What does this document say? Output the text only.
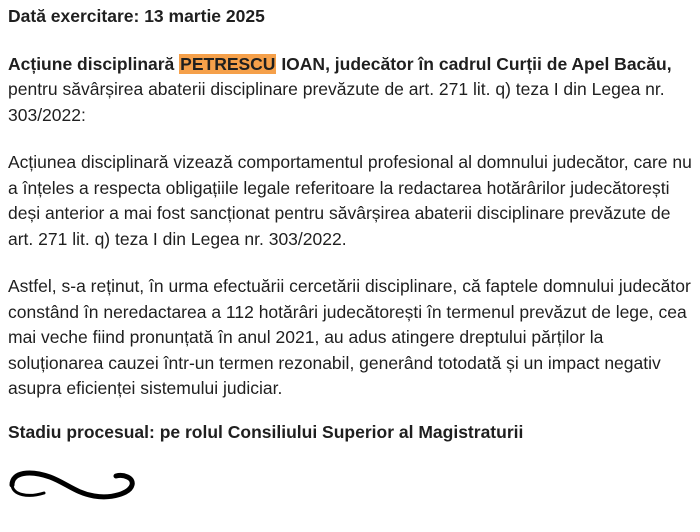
Dată exercitare: 13 martie 2025

Acțiune disciplinară PETRESCU IOAN, judecător în cadrul Curții de Apel Bacău, pentru săvârșirea abaterii disciplinare prevăzute de art. 271 lit. q) teza I din Legea nr. 303/2022:

Acțiunea disciplinară vizează comportamentul profesional al domnului judecător, care nu a înțeles a respecta obligațiile legale referitoare la redactarea hotărârilor judecătorești deși anterior a mai fost sancționat pentru săvârșirea abaterii disciplinare prevăzute de art. 271 lit. q) teza I din Legea nr. 303/2022.

Astfel, s-a reținut, în urma efectuării cercetării disciplinare, că faptele domnului judecător constând în neredactarea a 112 hotărâri judecătorești în termenul prevăzut de lege, cea mai veche fiind pronunțată în anul 2021, au adus atingere dreptului părților la soluționarea cauzei într-un termen rezonabil, generând totodată și un impact negativ asupra eficienței sistemului judiciar.

Stadiu procesual: pe rolul Consiliului Superior al Magistraturii
